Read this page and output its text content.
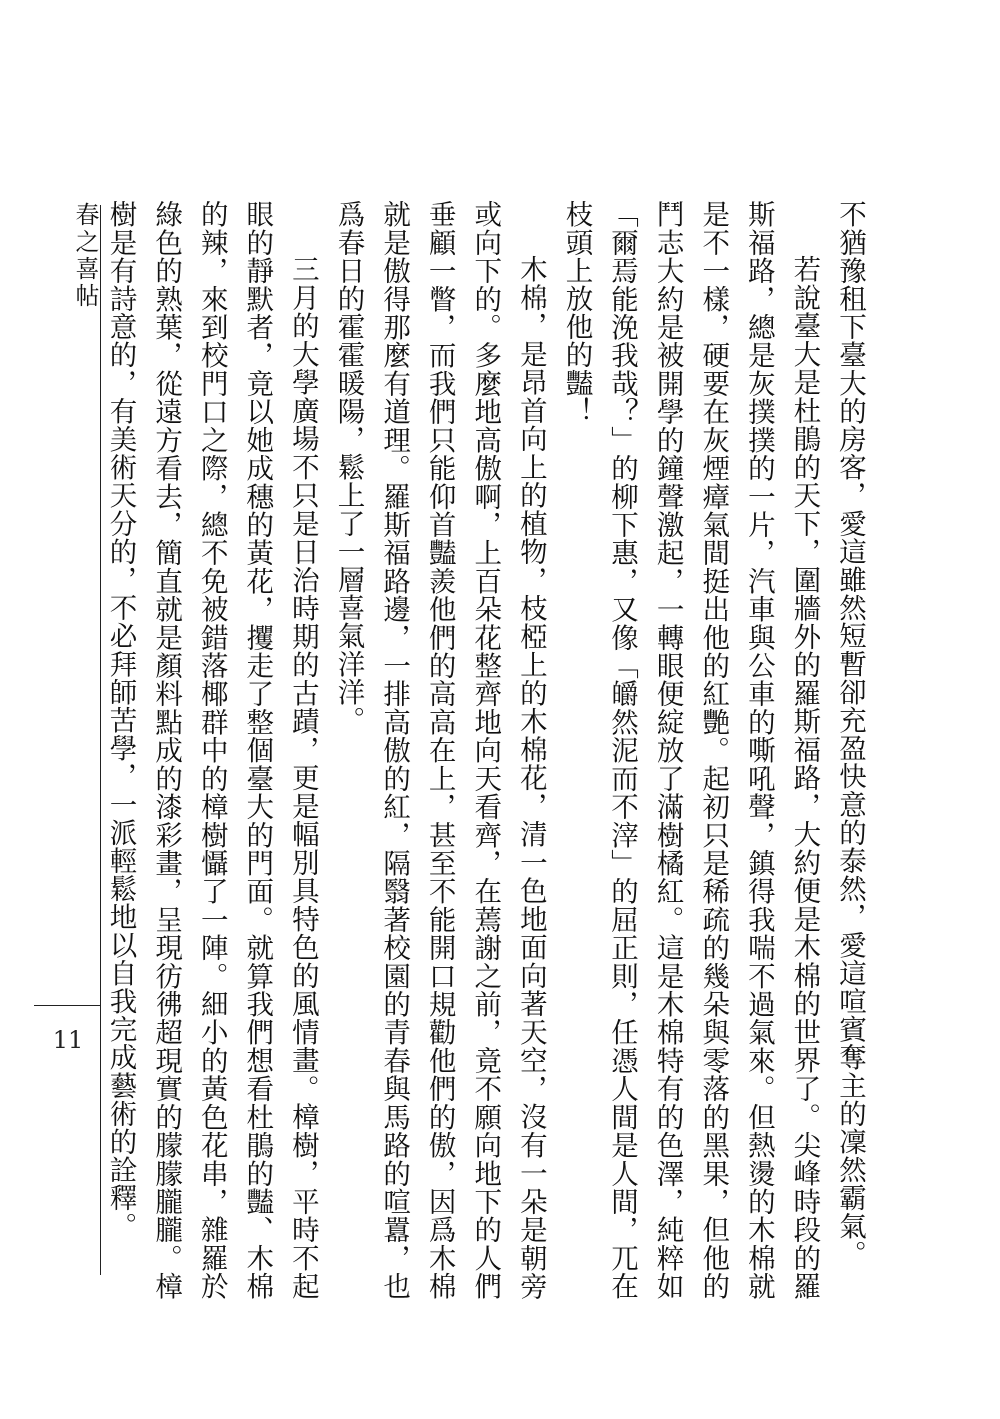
不猶豫租下臺大的房客，愛這雖然短暫卻充盈快意的泰然，愛這喧賓奪主的凜然霸氣。

若說臺大是杜鵑的天下，圍牆外的羅斯福路，大約便是木棉的世界了。尖峰時段的羅斯福路，總是灰撲撲的一片，汽車與公車的嘶吼聲，鎮得我喘不過氣來。但熱燙的木棉就是不一樣，硬要在灰煙瘴氣間挺出他的紅艷。起初只是稀疏的幾朵與零落的黑果，但他的鬥志大約是被開學的鐘聲激起，一轉眼便綻放了滿樹橘紅。這是木棉特有的色澤，純粹如「爾焉能浼我哉？」的柳下惠，又像「皭然泥而不滓」的屈正則，任憑人間是人間，兀在枝頭上放他的豔！

木棉，是昂首向上的植物，枝椏上的木棉花，清一色地面向著天空，沒有一朵是朝旁或向下的。多麼地高傲啊，上百朵花整齊地向天看齊，在蔫謝之前，竟不願向地下的人們垂顧一瞥，而我們只能仰首豔羨他們的高高在上，甚至不能開口規勸他們的傲，因爲木棉就是傲得那麼有道理。羅斯福路邊，一排高傲的紅，隔翳著校園的青春與馬路的喧囂，也爲春日的霍霍暖陽，鬆上了一層喜氣洋洋。

三月的大學廣場不只是日治時期的古蹟，更是幅別具特色的風情畫。樟樹，平時不起眼的靜默者，竟以她成穗的黃花，攫走了整個臺大的門面。就算我們想看杜鵑的豔、木棉的辣，來到校門口之際，總不免被錯落椰群中的樟樹懾了一陣。細小的黃色花串，雜羅於綠色的熟葉，從遠方看去，簡直就是顏料點成的漆彩畫，呈現彷彿超現實的朦朦朧朧。樟樹是有詩意的，有美術天分的，不必拜師苦學，一派輕鬆地以自我完成藝術的詮釋。

春之喜帖
11
